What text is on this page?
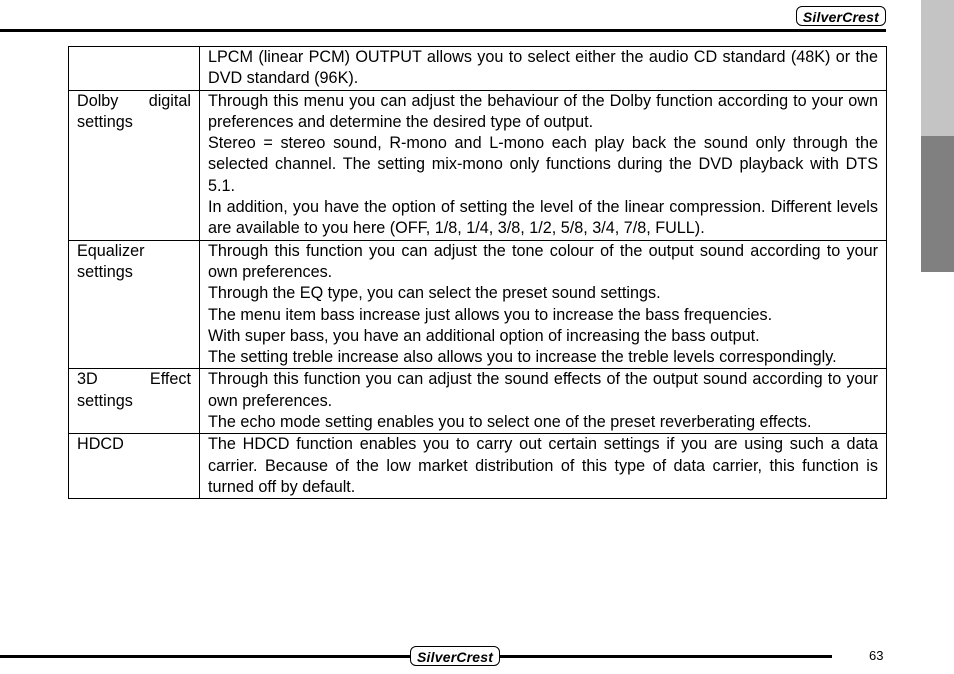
SilverCrest

	LPCM (linear PCM) OUTPUT allows you to select either the audio CD standard (48K) or the DVD standard (96K).

Dolby digital settings	Through this menu you can adjust the behaviour of the Dolby function according to your own preferences and determine the desired type of output.
Stereo = stereo sound, R-mono and L-mono each play back the sound only through the selected channel. The setting mix-mono only functions during the DVD playback with DTS 5.1.
In addition, you have the option of setting the level of the linear compression. Different levels are available to you here (OFF, 1/8, 1/4, 3/8, 1/2, 5/8, 3/4, 7/8, FULL).

Equalizer settings	Through this function you can adjust the tone colour of the output sound according to your own preferences.
Through the EQ type, you can select the preset sound settings.
The menu item bass increase just allows you to increase the bass frequencies.
With super bass, you have an additional option of increasing the bass output.
The setting treble increase also allows you to increase the treble levels correspondingly.

3D Effect settings	Through this function you can adjust the sound effects of the output sound according to your own preferences.
The echo mode setting enables you to select one of the preset reverberating effects.

HDCD	The HDCD function enables you to carry out certain settings if you are using such a data carrier. Because of the low market distribution of this type of data carrier, this function is turned off by default.
SilverCrest	63
